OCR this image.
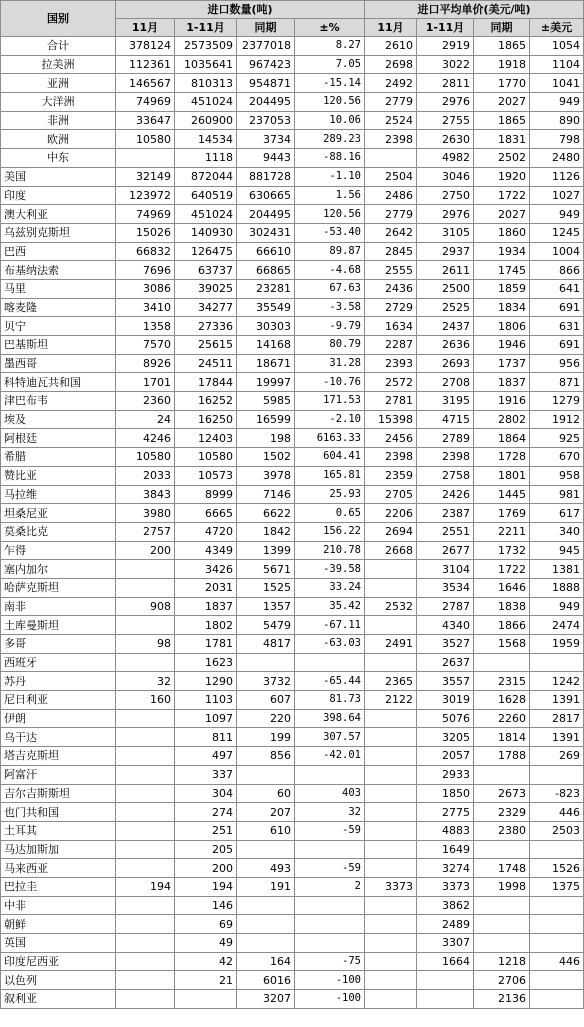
国别	进口数量(吨)				进口平均单价(美元/吨)			
	11月	1-11月	同期	±%	11月	1-11月	同期	±美元
合计	378124	2573509	2377018	8.27	2610	2919	1865	1054
拉美洲	112361	1035641	967423	7.05	2698	3022	1918	1104
亚洲	146567	810313	954871	-15.14	2492	2811	1770	1041
大洋洲	74969	451024	204495	120.56	2779	2976	2027	949
非洲	33647	260900	237053	10.06	2524	2755	1865	890
欧洲	10580	14534	3734	289.23	2398	2630	1831	798
中东		1118	9443	-88.16		4982	2502	2480
美国	32149	872044	881728	-1.10	2504	3046	1920	1126
印度	123972	640519	630665	1.56	2486	2750	1722	1027
澳大利亚	74969	451024	204495	120.56	2779	2976	2027	949
乌兹别克斯坦	15026	140930	302431	-53.40	2642	3105	1860	1245
巴西	66832	126475	66610	89.87	2845	2937	1934	1004
布基纳法索	7696	63737	66865	-4.68	2555	2611	1745	866
马里	3086	39025	23281	67.63	2436	2500	1859	641
喀麦隆	3410	34277	35549	-3.58	2729	2525	1834	691
贝宁	1358	27336	30303	-9.79	1634	2437	1806	631
巴基斯坦	7570	25615	14168	80.79	2287	2636	1946	691
墨西哥	8926	24511	18671	31.28	2393	2693	1737	956
科特迪瓦共和国	1701	17844	19997	-10.76	2572	2708	1837	871
津巴布韦	2360	16252	5985	171.53	2781	3195	1916	1279
埃及	24	16250	16599	-2.10	15398	4715	2802	1912
阿根廷	4246	12403	198	6163.33	2456	2789	1864	925
希腊	10580	10580	1502	604.41	2398	2398	1728	670
赞比亚	2033	10573	3978	165.81	2359	2758	1801	958
马拉维	3843	8999	7146	25.93	2705	2426	1445	981
坦桑尼亚	3980	6665	6622	0.65	2206	2387	1769	617
莫桑比克	2757	4720	1842	156.22	2694	2551	2211	340
乍得	200	4349	1399	210.78	2668	2677	1732	945
塞内加尔		3426	5671	-39.58		3104	1722	1381
哈萨克斯坦		2031	1525	33.24		3534	1646	1888
南非	908	1837	1357	35.42	2532	2787	1838	949
土库曼斯坦		1802	5479	-67.11		4340	1866	2474
多哥	98	1781	4817	-63.03	2491	3527	1568	1959
西班牙		1623				2637		
苏丹	32	1290	3732	-65.44	2365	3557	2315	1242
尼日利亚	160	1103	607	81.73	2122	3019	1628	1391
伊朗		1097	220	398.64		5076	2260	2817
乌干达		811	199	307.57		3205	1814	1391
塔吉克斯坦		497	856	-42.01		2057	1788	269
阿富汗		337				2933		
吉尔吉斯斯坦		304	60	403		1850	2673	-823
也门共和国		274	207	32		2775	2329	446
土耳其		251	610	-59		4883	2380	2503
马达加斯加		205				1649		
马来西亚		200	493	-59		3274	1748	1526
巴拉圭	194	194	191	2	3373	3373	1998	1375
中非		146				3862		
朝鲜		69				2489		
英国		49				3307		
印度尼西亚		42	164	-75		1664	1218	446
以色列		21	6016	-100			2706	
叙利亚			3207	-100			2136	
